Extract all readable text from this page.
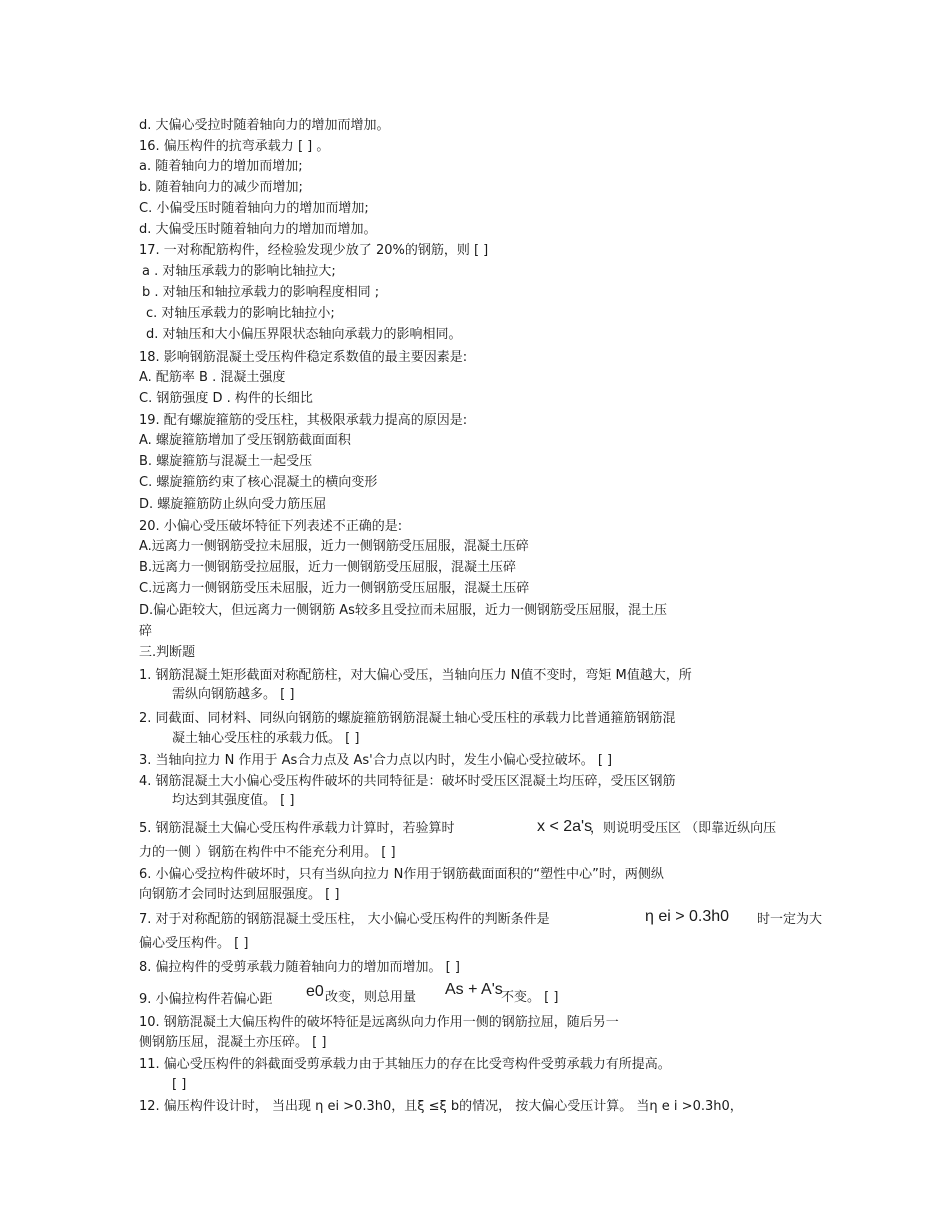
d. 大偏心受拉时随着轴向力的增加而增加。
16. 偏压构件的抗弯承载力 [ ] 。
a. 随着轴向力的增加而增加;
b. 随着轴向力的减少而增加;
C. 小偏受压时随着轴向力的增加而增加;
d. 大偏受压时随着轴向力的增加而增加。
17. 一对称配筋构件，经检验发现少放了 20%的钢筋，则 [ ]
a . 对轴压承载力的影响比轴拉大;
b . 对轴压和轴拉承载力的影响程度相同 ;
c. 对轴压承载力的影响比轴拉小;
d. 对轴压和大小偏压界限状态轴向承载力的影响相同。
18. 影响钢筋混凝土受压构件稳定系数值的最主要因素是:
A. 配筋率 B . 混凝土强度
C. 钢筋强度 D . 构件的长细比
19. 配有螺旋箍筋的受压柱，其极限承载力提高的原因是:
A. 螺旋箍筋增加了受压钢筋截面面积
B. 螺旋箍筋与混凝土一起受压
C. 螺旋箍筋约束了核心混凝土的横向变形
D. 螺旋箍筋防止纵向受力筋压屈
20. 小偏心受压破坏特征下列表述不正确的是:
A.远离力一侧钢筋受拉未屈服，近力一侧钢筋受压屈服，混凝土压碎
B.远离力一侧钢筋受拉屈服，近力一侧钢筋受压屈服，混凝土压碎
C.远离力一侧钢筋受压未屈服，近力一侧钢筋受压屈服，混凝土压碎
D.偏心距较大，但远离力一侧钢筋 As较多且受拉而未屈服，近力一侧钢筋受压屈服，混土压
碎
三.判断题
1. 钢筋混凝土矩形截面对称配筋柱，对大偏心受压，当轴向压力 N值不变时，弯矩 M值越大，所
需纵向钢筋越多。 [ ]
2. 同截面、同材料、同纵向钢筋的螺旋箍筋钢筋混凝土轴心受压柱的承载力比普通箍筋钢筋混
凝土轴心受压柱的承载力低。 [ ]
3. 当轴向拉力 N 作用于 As合力点及 As'合力点以内时，发生小偏心受拉破坏。 [ ]
4. 钢筋混凝土大小偏心受压构件破坏的共同特征是：破坏时受压区混凝土均压碎，受压区钢筋
均达到其强度值。 [ ]
5. 钢筋混凝土大偏心受压构件承载力计算时，若验算时	，则说明受压区 （即靠近纵向压
力的一侧 ）钢筋在构件中不能充分利用。 [ ]
6. 小偏心受拉构件破坏时，只有当纵向拉力 N作用于钢筋截面面积的“塑性中心”时，两侧纵
向钢筋才会同时达到屈服强度。 [ ]
7. 对于对称配筋的钢筋混凝土受压柱， 大小偏心受压构件的判断条件是	时一定为大
偏心受压构件。 [ ]
8. 偏拉构件的受剪承载力随着轴向力的增加而增加。 [ ]
9. 小偏拉构件若偏心距	改变，则总用量	不变。 [ ]
10. 钢筋混凝土大偏压构件的破坏特征是远离纵向力作用一侧的钢筋拉屈，随后另一
侧钢筋压屈，混凝土亦压碎。 [ ]
11. 偏心受压构件的斜截面受剪承载力由于其轴压力的存在比受弯构件受剪承载力有所提高。
[ ]
12. 偏压构件设计时， 当出现 η ei >0.3h0，且ξ ≤ξ b的情况， 按大偏心受压计算。 当η e i >0.3h0，
x < 2a's
η ei > 0.3h0
e0	As + A's
